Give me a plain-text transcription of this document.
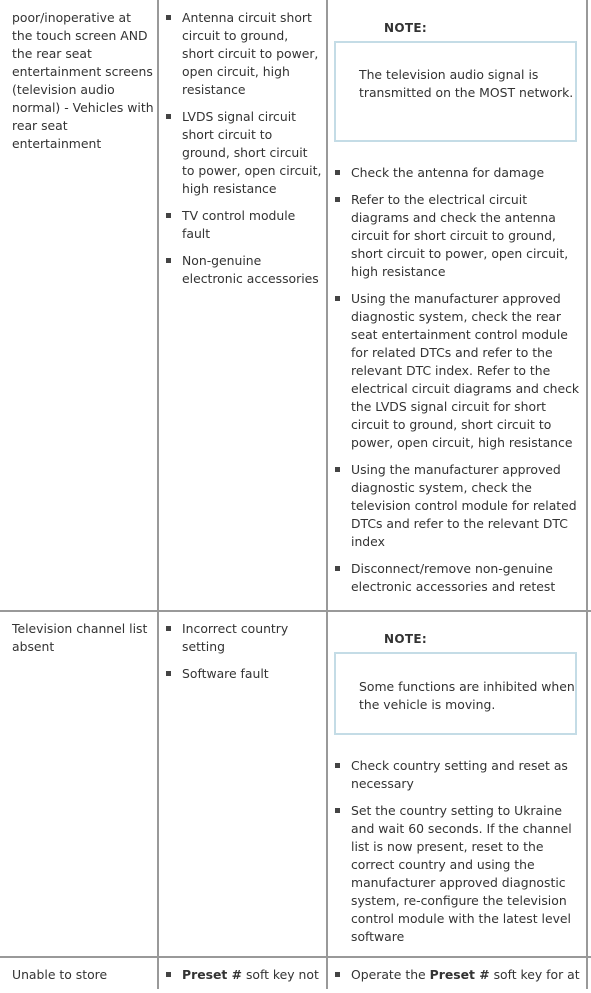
poor/inoperative at the touch screen AND the rear seat entertainment screens (television audio normal) - Vehicles with rear seat entertainment
Antenna circuit short circuit to ground, short circuit to power, open circuit, high resistance
LVDS signal circuit short circuit to ground, short circuit to power, open circuit, high resistance
TV control module fault
Non-genuine electronic accessories
NOTE:
The television audio signal is transmitted on the MOST network.
Check the antenna for damage
Refer to the electrical circuit diagrams and check the antenna circuit for short circuit to ground, short circuit to power, open circuit, high resistance
Using the manufacturer approved diagnostic system, check the rear seat entertainment control module for related DTCs and refer to the relevant DTC index. Refer to the electrical circuit diagrams and check the LVDS signal circuit for short circuit to ground, short circuit to power, open circuit, high resistance
Using the manufacturer approved diagnostic system, check the television control module for related DTCs and refer to the relevant DTC index
Disconnect/remove non-genuine electronic accessories and retest
Television channel list absent
Incorrect country setting
Software fault
NOTE:
Some functions are inhibited when the vehicle is moving.
Check country setting and reset as necessary
Set the country setting to Ukraine and wait 60 seconds. If the channel list is now present, reset to the correct country and using the manufacturer approved diagnostic system, re-configure the television control module with the latest level software
Unable to store	Preset # soft key not	Operate the Preset # soft key for at
